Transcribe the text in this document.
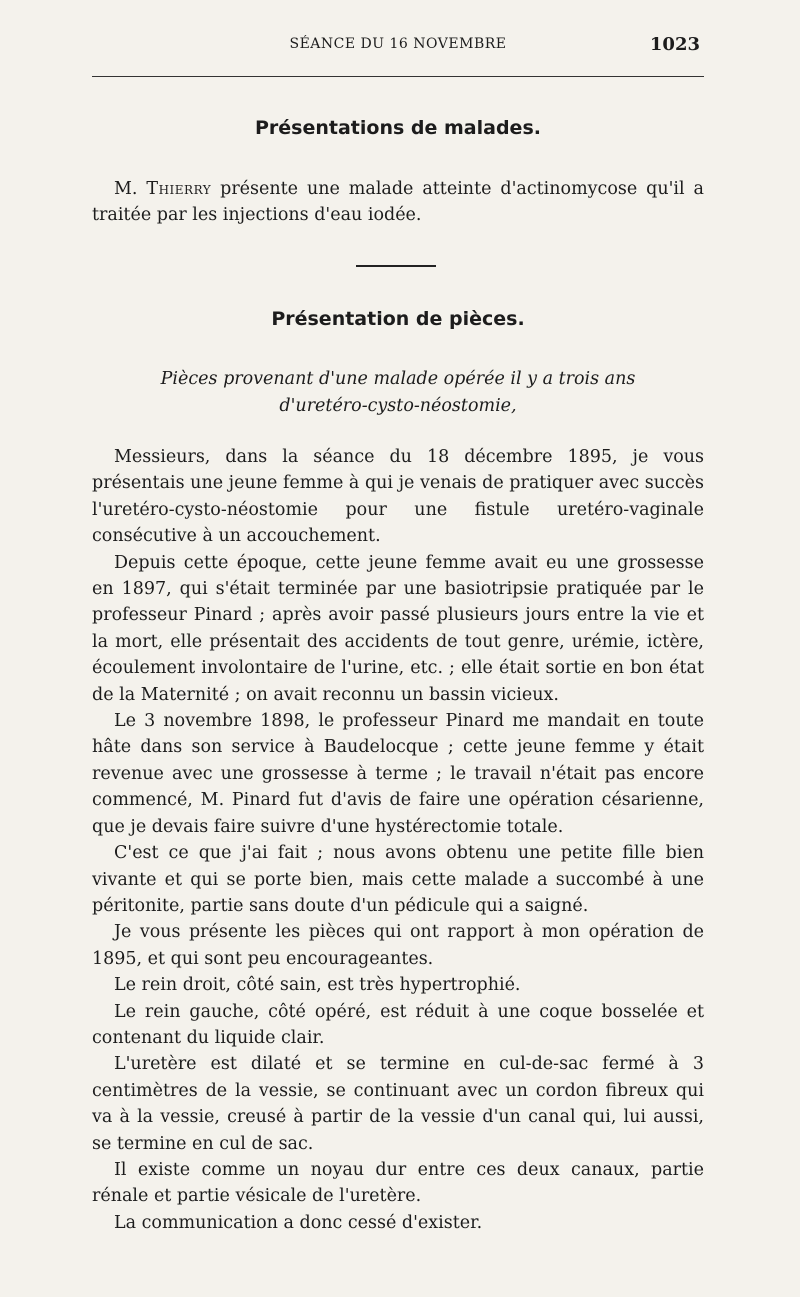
SÉANCE DU 16 NOVEMBRE	1023
Présentations de malades.

M. Thierry présente une malade atteinte d'actinomycose qu'il a traitée par les injections d'eau iodée.

Présentation de pièces.
Pièces provenant d'une malade opérée il y a trois ans
d'uretéro-cysto-néostomie,

Messieurs, dans la séance du 18 décembre 1895, je vous présentais une jeune femme à qui je venais de pratiquer avec succès l'uretéro-cysto-néostomie pour une fistule uretéro-vaginale consécutive à un accouchement.

Depuis cette époque, cette jeune femme avait eu une grossesse en 1897, qui s'était terminée par une basiotripsie pratiquée par le professeur Pinard ; après avoir passé plusieurs jours entre la vie et la mort, elle présentait des accidents de tout genre, urémie, ictère, écoulement involontaire de l'urine, etc. ; elle était sortie en bon état de la Maternité ; on avait reconnu un bassin vicieux.

Le 3 novembre 1898, le professeur Pinard me mandait en toute hâte dans son service à Baudelocque ; cette jeune femme y était revenue avec une grossesse à terme ; le travail n'était pas encore commencé, M. Pinard fut d'avis de faire une opération césarienne, que je devais faire suivre d'une hystérectomie totale.

C'est ce que j'ai fait ; nous avons obtenu une petite fille bien vivante et qui se porte bien, mais cette malade a succombé à une péritonite, partie sans doute d'un pédicule qui a saigné.

Je vous présente les pièces qui ont rapport à mon opération de 1895, et qui sont peu encourageantes.

Le rein droit, côté sain, est très hypertrophié.

Le rein gauche, côté opéré, est réduit à une coque bosselée et contenant du liquide clair.

L'uretère est dilaté et se termine en cul-de-sac fermé à 3 centimètres de la vessie, se continuant avec un cordon fibreux qui va à la vessie, creusé à partir de la vessie d'un canal qui, lui aussi, se termine en cul de sac.

Il existe comme un noyau dur entre ces deux canaux, partie rénale et partie vésicale de l'uretère.

La communication a donc cessé d'exister.
